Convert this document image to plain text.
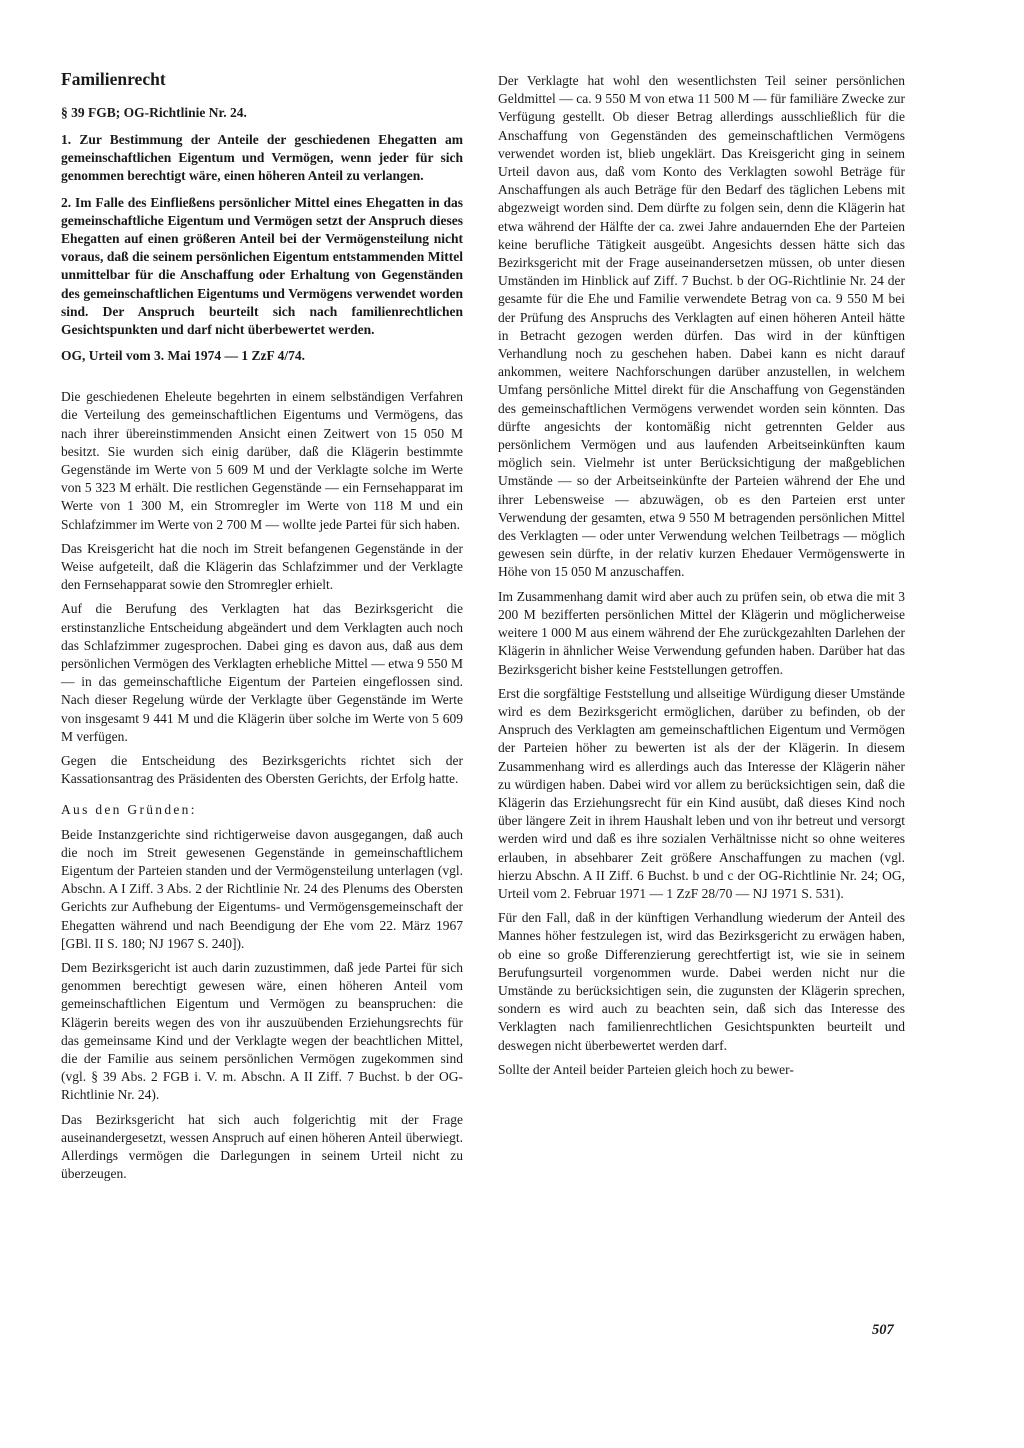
Familienrecht
§ 39 FGB; OG-Richtlinie Nr. 24.
1. Zur Bestimmung der Anteile der geschiedenen Ehegatten am gemeinschaftlichen Eigentum und Vermögen, wenn jeder für sich genommen berechtigt wäre, einen höheren Anteil zu verlangen.
2. Im Falle des Einfließens persönlicher Mittel eines Ehegatten in das gemeinschaftliche Eigentum und Vermögen setzt der Anspruch dieses Ehegatten auf einen größeren Anteil bei der Vermögensteilung nicht voraus, daß die seinem persönlichen Eigentum entstammenden Mittel unmittelbar für die Anschaffung oder Erhaltung von Gegenständen des gemeinschaftlichen Eigentums und Vermögens verwendet worden sind. Der Anspruch beurteilt sich nach familienrechtlichen Gesichtspunkten und darf nicht überbewertet werden.
OG, Urteil vom 3. Mai 1974 — 1 ZzF 4/74.
Die geschiedenen Eheleute begehrten in einem selbständigen Verfahren die Verteilung des gemeinschaftlichen Eigentums und Vermögens, das nach ihrer übereinstimmenden Ansicht einen Zeitwert von 15 050 M besitzt. Sie wurden sich einig darüber, daß die Klägerin bestimmte Gegenstände im Werte von 5 609 M und der Verklagte solche im Werte von 5 323 M erhält. Die restlichen Gegenstände — ein Fernsehapparat im Werte von 1 300 M, ein Stromregler im Werte von 118 M und ein Schlafzimmer im Werte von 2 700 M — wollte jede Partei für sich haben.
Das Kreisgericht hat die noch im Streit befangenen Gegenstände in der Weise aufgeteilt, daß die Klägerin das Schlafzimmer und der Verklagte den Fernsehapparat sowie den Stromregler erhielt.
Auf die Berufung des Verklagten hat das Bezirksgericht die erstinstanzliche Entscheidung abgeändert und dem Verklagten auch noch das Schlafzimmer zugesprochen. Dabei ging es davon aus, daß aus dem persönlichen Vermögen des Verklagten erhebliche Mittel — etwa 9 550 M — in das gemeinschaftliche Eigentum der Parteien eingeflossen sind. Nach dieser Regelung würde der Verklagte über Gegenstände im Werte von insgesamt 9 441 M und die Klägerin über solche im Werte von 5 609 M verfügen.
Gegen die Entscheidung des Bezirksgerichts richtet sich der Kassationsantrag des Präsidenten des Obersten Gerichts, der Erfolg hatte.
Aus den Gründen:
Beide Instanzgerichte sind richtigerweise davon ausgegangen, daß auch die noch im Streit gewesenen Gegenstände in gemeinschaftlichem Eigentum der Parteien standen und der Vermögensteilung unterlagen (vgl. Abschn. A I Ziff. 3 Abs. 2 der Richtlinie Nr. 24 des Plenums des Obersten Gerichts zur Aufhebung der Eigentums- und Vermögensgemeinschaft der Ehegatten während und nach Beendigung der Ehe vom 22. März 1967 [GBl. II S. 180; NJ 1967 S. 240]).
Dem Bezirksgericht ist auch darin zuzustimmen, daß jede Partei für sich genommen berechtigt gewesen wäre, einen höheren Anteil vom gemeinschaftlichen Eigentum und Vermögen zu beanspruchen: die Klägerin bereits wegen des von ihr auszuübenden Erziehungsrechts für das gemeinsame Kind und der Verklagte wegen der beachtlichen Mittel, die der Familie aus seinem persönlichen Vermögen zugekommen sind (vgl. § 39 Abs. 2 FGB i. V. m. Abschn. A II Ziff. 7 Buchst. b der OG-Richtlinie Nr. 24).
Das Bezirksgericht hat sich auch folgerichtig mit der Frage auseinandergesetzt, wessen Anspruch auf einen höheren Anteil überwiegt. Allerdings vermögen die Darlegungen in seinem Urteil nicht zu überzeugen.
Der Verklagte hat wohl den wesentlichsten Teil seiner persönlichen Geldmittel — ca. 9 550 M von etwa 11 500 M — für familiäre Zwecke zur Verfügung gestellt. Ob dieser Betrag allerdings ausschließlich für die Anschaffung von Gegenständen des gemeinschaftlichen Vermögens verwendet worden ist, blieb ungeklärt. Das Kreisgericht ging in seinem Urteil davon aus, daß vom Konto des Verklagten sowohl Beträge für Anschaffungen als auch Beträge für den Bedarf des täglichen Lebens mit abgezweigt worden sind. Dem dürfte zu folgen sein, denn die Klägerin hat etwa während der Hälfte der ca. zwei Jahre andauernden Ehe der Parteien keine berufliche Tätigkeit ausgeübt. Angesichts dessen hätte sich das Bezirksgericht mit der Frage auseinandersetzen müssen, ob unter diesen Umständen im Hinblick auf Ziff. 7 Buchst. b der OG-Richtlinie Nr. 24 der gesamte für die Ehe und Familie verwendete Betrag von ca. 9 550 M bei der Prüfung des Anspruchs des Verklagten auf einen höheren Anteil hätte in Betracht gezogen werden dürfen. Das wird in der künftigen Verhandlung noch zu geschehen haben. Dabei kann es nicht darauf ankommen, weitere Nachforschungen darüber anzustellen, in welchem Umfang persönliche Mittel direkt für die Anschaffung von Gegenständen des gemeinschaftlichen Vermögens verwendet worden sein könnten. Das dürfte angesichts der kontomäßig nicht getrennten Gelder aus persönlichem Vermögen und aus laufenden Arbeitseinkünften kaum möglich sein. Vielmehr ist unter Berücksichtigung der maßgeblichen Umstände — so der Arbeitseinkünfte der Parteien während der Ehe und ihrer Lebensweise — abzuwägen, ob es den Parteien erst unter Verwendung der gesamten, etwa 9 550 M betragenden persönlichen Mittel des Verklagten — oder unter Verwendung welchen Teilbetrags — möglich gewesen sein dürfte, in der relativ kurzen Ehedauer Vermögenswerte in Höhe von 15 050 M anzuschaffen.
Im Zusammenhang damit wird aber auch zu prüfen sein, ob etwa die mit 3 200 M bezifferten persönlichen Mittel der Klägerin und möglicherweise weitere 1 000 M aus einem während der Ehe zurückgezahlten Darlehen der Klägerin in ähnlicher Weise Verwendung gefunden haben. Darüber hat das Bezirksgericht bisher keine Feststellungen getroffen.
Erst die sorgfältige Feststellung und allseitige Würdigung dieser Umstände wird es dem Bezirksgericht ermöglichen, darüber zu befinden, ob der Anspruch des Verklagten am gemeinschaftlichen Eigentum und Vermögen der Parteien höher zu bewerten ist als der der Klägerin. In diesem Zusammenhang wird es allerdings auch das Interesse der Klägerin näher zu würdigen haben. Dabei wird vor allem zu berücksichtigen sein, daß die Klägerin das Erziehungsrecht für ein Kind ausübt, daß dieses Kind noch über längere Zeit in ihrem Haushalt leben und von ihr betreut und versorgt werden wird und daß es ihre sozialen Verhältnisse nicht so ohne weiteres erlauben, in absehbarer Zeit größere Anschaffungen zu machen (vgl. hierzu Abschn. A II Ziff. 6 Buchst. b und c der OG-Richtlinie Nr. 24; OG, Urteil vom 2. Februar 1971 — 1 ZzF 28/70 — NJ 1971 S. 531).
Für den Fall, daß in der künftigen Verhandlung wiederum der Anteil des Mannes höher festzulegen ist, wird das Bezirksgericht zu erwägen haben, ob eine so große Differenzierung gerechtfertigt ist, wie sie in seinem Berufungsurteil vorgenommen wurde. Dabei werden nicht nur die Umstände zu berücksichtigen sein, die zugunsten der Klägerin sprechen, sondern es wird auch zu beachten sein, daß sich das Interesse des Verklagten nach familienrechtlichen Gesichtspunkten beurteilt und deswegen nicht überbewertet werden darf.
Sollte der Anteil beider Parteien gleich hoch zu bewer-
507
